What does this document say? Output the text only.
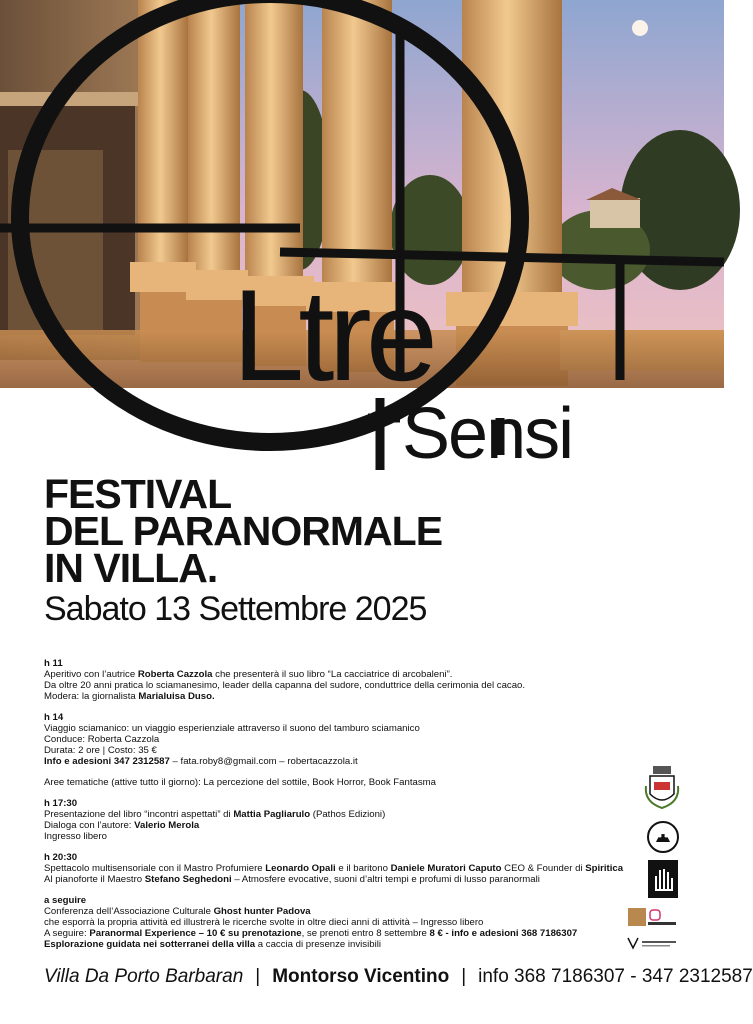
Ltre
Sensi
FESTIVAL
DEL PARANORMALE
IN VILLA.
Sabato 13 Settembre 2025

h 11

Aperitivo con l’autrice Roberta Cazzola che presenterà il suo libro “La cacciatrice di arcobaleni”.

Da oltre 20 anni pratica lo sciamanesimo, leader della capanna del sudore, conduttrice della cerimonia del cacao.

Modera: la giornalista Marialuisa Duso.

h 14

Viaggio sciamanico: un viaggio esperienziale attraverso il suono del tamburo sciamanico

Conduce: Roberta Cazzola

Durata: 2 ore | Costo: 35 €

Info e adesioni 347 2312587 – fata.roby8@gmail.com – robertacazzola.it

Aree tematiche (attive tutto il giorno): La percezione del sottile, Book Horror, Book Fantasma

h 17:30

Presentazione del libro “incontri aspettati” di Mattia Pagliarulo (Pathos Edizioni)

Dialoga con l’autore: Valerio Merola

Ingresso libero

h 20:30

Spettacolo multisensoriale con il Mastro Profumiere Leonardo Opali e il baritono Daniele Muratori Caputo CEO & Founder di Spiritica

Al pianoforte il Maestro Stefano Seghedoni – Atmosfere evocative, suoni d’altri tempi e profumi di lusso paranormali

a seguire

Conferenza dell’Associazione Culturale Ghost hunter Padova

che esporrà la propria attività ed illustrerà le ricerche svolte in oltre dieci anni di attività – Ingresso libero

A seguire: Paranormal Experience – 10 € su prenotazione, se prenoti entro 8 settembre 8 € - info e adesioni 368 7186307

Esplorazione guidata nei sotterranei della villa a caccia di presenze invisibili

Villa Da Porto Barbaran | Montorso Vicentino | info 368 7186307 - 347 2312587
